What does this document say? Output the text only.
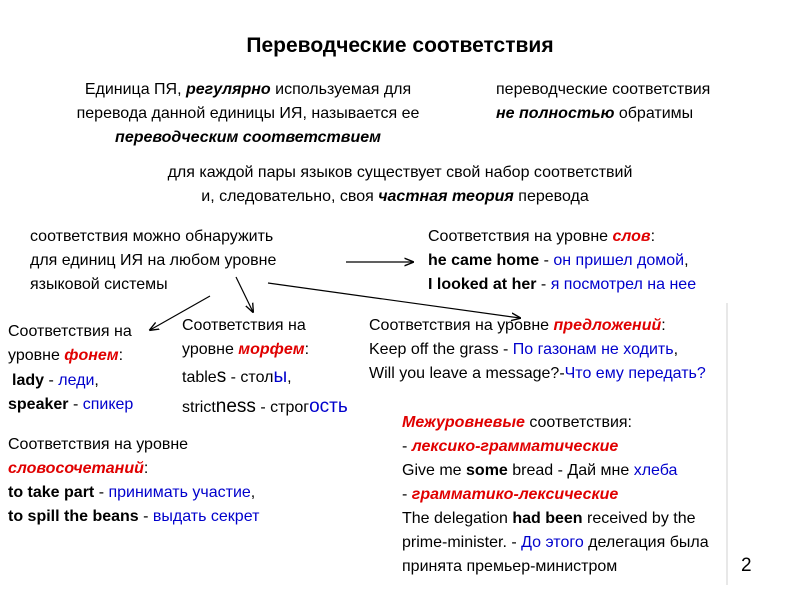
Переводческие соответствия
Единица ПЯ, регулярно используемая для
перевода данной единицы ИЯ, называется ее
переводческим соответствием
переводческие соответствия
не полностью обратимы
для каждой пары языков существует свой набор соответствий
и, следовательно, своя частная теория перевода
соответствия можно обнаружить
для единиц ИЯ на любом уровне
языковой системы
Соответствия на уровне слов:
he came home - он пришел домой,
I looked at her - я посмотрел на нее
Соответствия на
уровне фонем:
lady - леди,
speaker - спикер
Соответствия на
уровне морфем:
tables - столы,
strictness - строгость
Соответствия на уровне предложений:
Keep off the grass - По газонам не ходить,
Will you leave a message?-Что ему передать?
Соответствия на уровне
словосочетаний:
to take part - принимать участие,
to spill the beans - выдать секрет
Межуровневые соответствия:
- лексико-грамматические
Give me some bread - Дай мне хлеба
- грамматико-лексические
The delegation had been received by the
prime-minister. - До этого делегация была
принята премьер-министром	2
